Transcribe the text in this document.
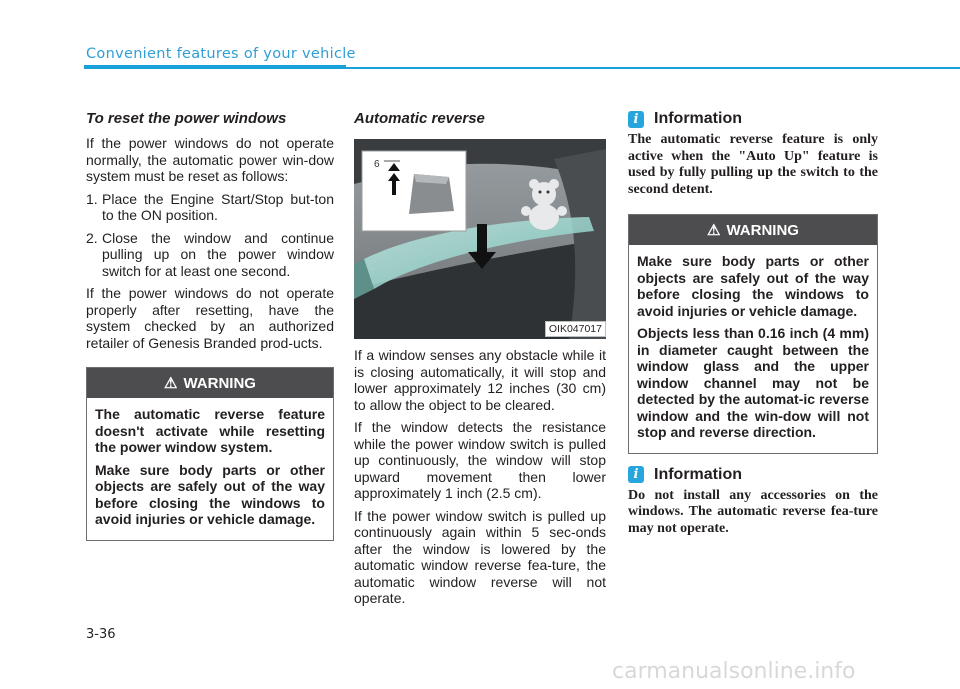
Convenient features of your vehicle
To reset the power windows

If the power windows do not operate normally, the automatic power win-dow system must be reset as follows:

1. Place the Engine Start/Stop but-ton to the ON position.
2. Close the window and continue pulling up on the power window switch for at least one second.

If the power windows do not operate properly after resetting, have the system checked by an authorized retailer of Genesis Branded prod-ucts.

⚠ WARNING

The automatic reverse feature doesn't activate while resetting the power window system.

Make sure body parts or other objects are safely out of the way before closing the windows to avoid injuries or vehicle damage.

Automatic reverse
6
OIK047017

If a window senses any obstacle while it is closing automatically, it will stop and lower approximately 12 inches (30 cm) to allow the object to be cleared.

If the window detects the resistance while the power window switch is pulled up continuously, the window will stop upward movement then lower approximately 1 inch (2.5 cm).

If the power window switch is pulled up continuously again within 5 sec-onds after the window is lowered by the automatic window reverse fea-ture, the automatic window reverse will not operate.

i Information

The automatic reverse feature is only active when the "Auto Up" feature is used by fully pulling up the switch to the second detent.

⚠ WARNING

Make sure body parts or other objects are safely out of the way before closing the windows to avoid injuries or vehicle damage.

Objects less than 0.16 inch (4 mm) in diameter caught between the window glass and the upper window channel may not be detected by the automat-ic reverse window and the win-dow will not stop and reverse direction.

i Information

Do not install any accessories on the windows. The automatic reverse fea-ture may not operate.

3-36
carmanualsonline.info
